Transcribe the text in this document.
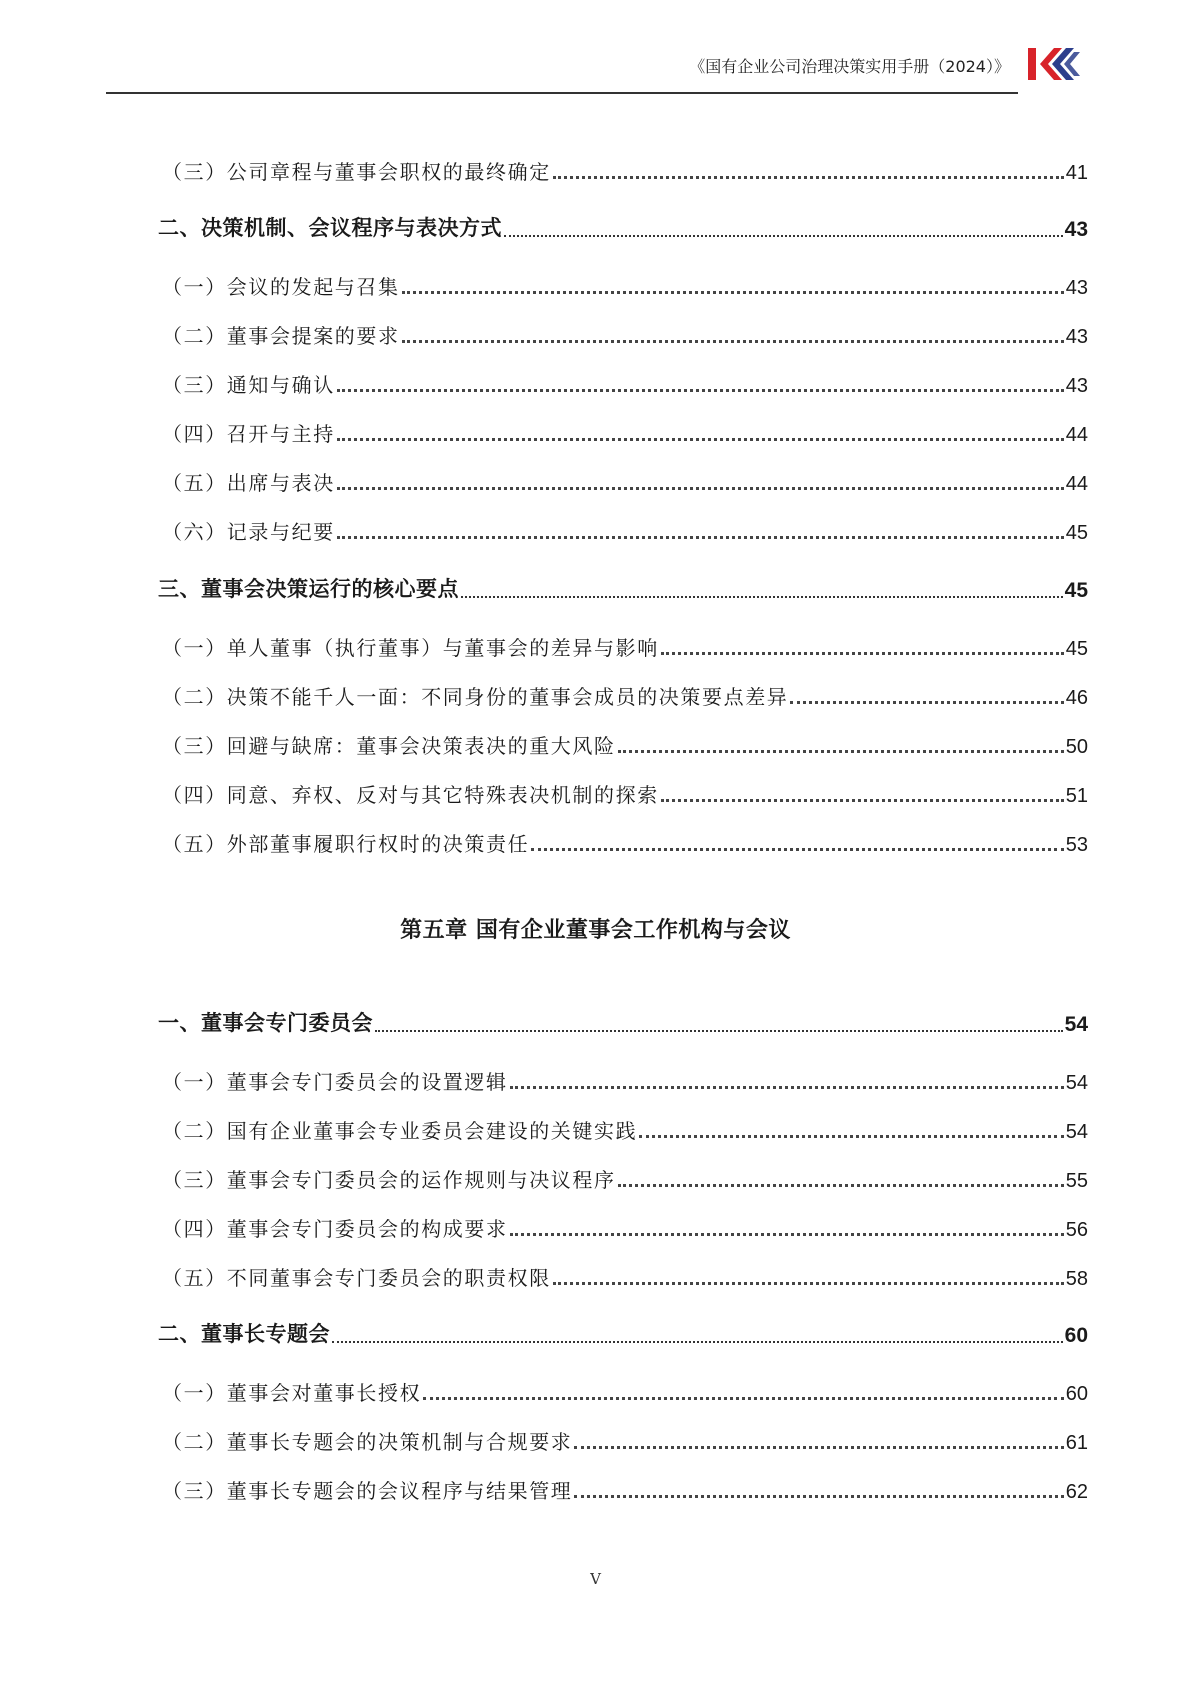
《国有企业公司治理决策实用手册（2024）》
（三）公司章程与董事会职权的最终确定	41
二、决策机制、会议程序与表决方式	43
（一）会议的发起与召集	43
（二）董事会提案的要求	43
（三）通知与确认	43
（四）召开与主持	44
（五）出席与表决	44
（六）记录与纪要	45
三、董事会决策运行的核心要点	45
（一）单人董事（执行董事）与董事会的差异与影响	45
（二）决策不能千人一面：不同身份的董事会成员的决策要点差异	46
（三）回避与缺席：董事会决策表决的重大风险	50
（四）同意、弃权、反对与其它特殊表决机制的探索	51
（五）外部董事履职行权时的决策责任	53
第五章 国有企业董事会工作机构与会议
一、董事会专门委员会	54
（一）董事会专门委员会的设置逻辑	54
（二）国有企业董事会专业委员会建设的关键实践	54
（三）董事会专门委员会的运作规则与决议程序	55
（四）董事会专门委员会的构成要求	56
（五）不同董事会专门委员会的职责权限	58
二、董事长专题会	60
（一）董事会对董事长授权	60
（二）董事长专题会的决策机制与合规要求	61
（三）董事长专题会的会议程序与结果管理	62
V
